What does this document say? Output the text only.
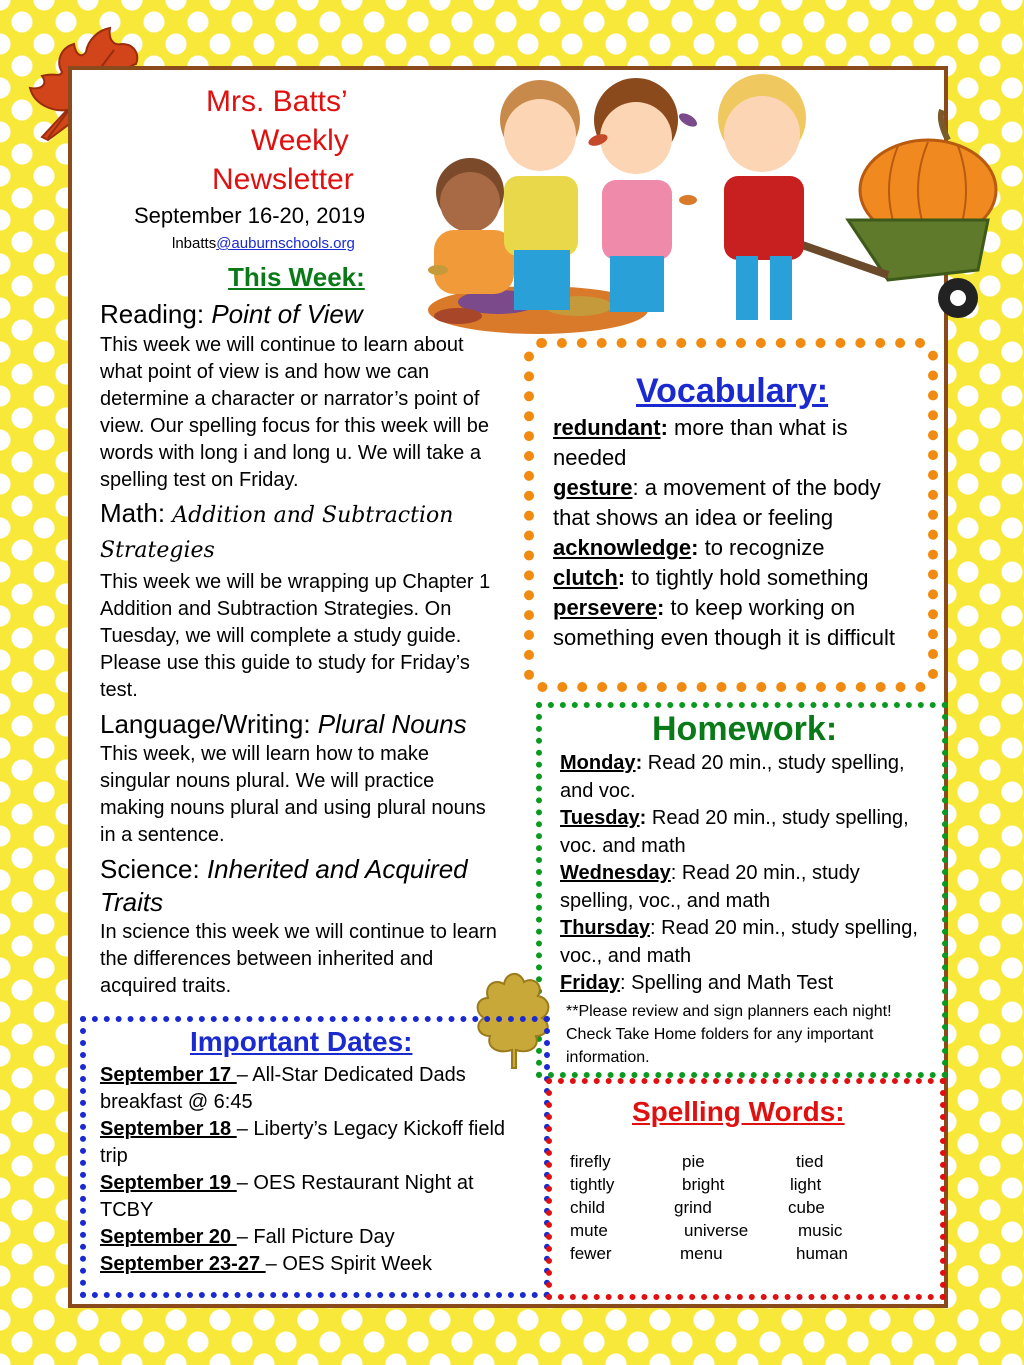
Mrs. Batts’
Weekly
Newsletter
September 16-20, 2019
lnbatts@auburnschools.org
This Week:
Reading: Point of View

This week we will continue to learn about what point of view is and how we can determine a character or narrator’s point of view. Our spelling focus for this week will be words with long i and long u. We will take a spelling test on Friday.

Math: Addition and Subtraction Strategies

This week we will be wrapping up Chapter 1 Addition and Subtraction Strategies. On Tuesday, we will complete a study guide. Please use this guide to study for Friday’s test.

Language/Writing: Plural Nouns

This week, we will learn how to make singular nouns plural. We will practice making nouns plural and using plural nouns in a sentence.

Science: Inherited and Acquired Traits

In science this week we will continue to learn the differences between inherited and acquired traits.

Vocabulary:
redundant: more than what is needed
gesture: a movement of the body that shows an idea or feeling
acknowledge: to recognize
clutch: to tightly hold something
persevere: to keep working on something even though it is difficult
Homework:
Monday: Read 20 min., study spelling, and voc.
Tuesday: Read 20 min., study spelling, voc. and math
Wednesday: Read 20 min., study spelling, voc., and math
Thursday: Read 20 min., study spelling, voc., and math
Friday: Spelling and Math Test

**Please review and sign planners each night! Check Take Home folders for any important information.

Important Dates:
September 17 – All-Star Dedicated Dads breakfast @ 6:45
September 18 – Liberty’s Legacy Kickoff field trip
September 19 – OES Restaurant Night at TCBY
September 20 – Fall Picture Day
September 23-27 – OES Spirit Week
Spelling Words:
firefly	pie	tied
tightly	bright	light
child	grind	cube
mute	universe	music
fewer	menu	human
